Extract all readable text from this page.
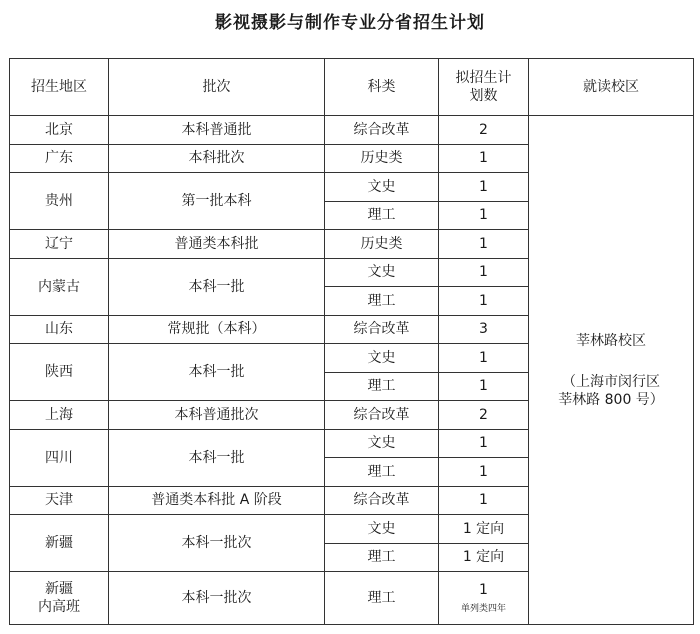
影视摄影与制作专业分省招生计划
招生地区	批次	科类	拟招生计划数	就读校区
北京	本科普通批	综合改革	2	莘林路校区
（上海市闵行区
莘林路 800 号）

广东	本科批次	历史类	1	
贵州	第一批本科	文史	1	
		理工	1	
辽宁	普通类本科批	历史类	1	
内蒙古	本科一批	文史	1	
		理工	1	
山东	常规批（本科）	综合改革	3	
陕西	本科一批	文史	1	
		理工	1	
上海	本科普通批次	综合改革	2	
四川	本科一批	文史	1	
		理工	1	
天津	普通类本科批 A 阶段	综合改革	1	
新疆	本科一批次	文史	1 定向	
		理工	1 定向	
新疆
内高班	本科一批次	理工	1
单列类四年	
